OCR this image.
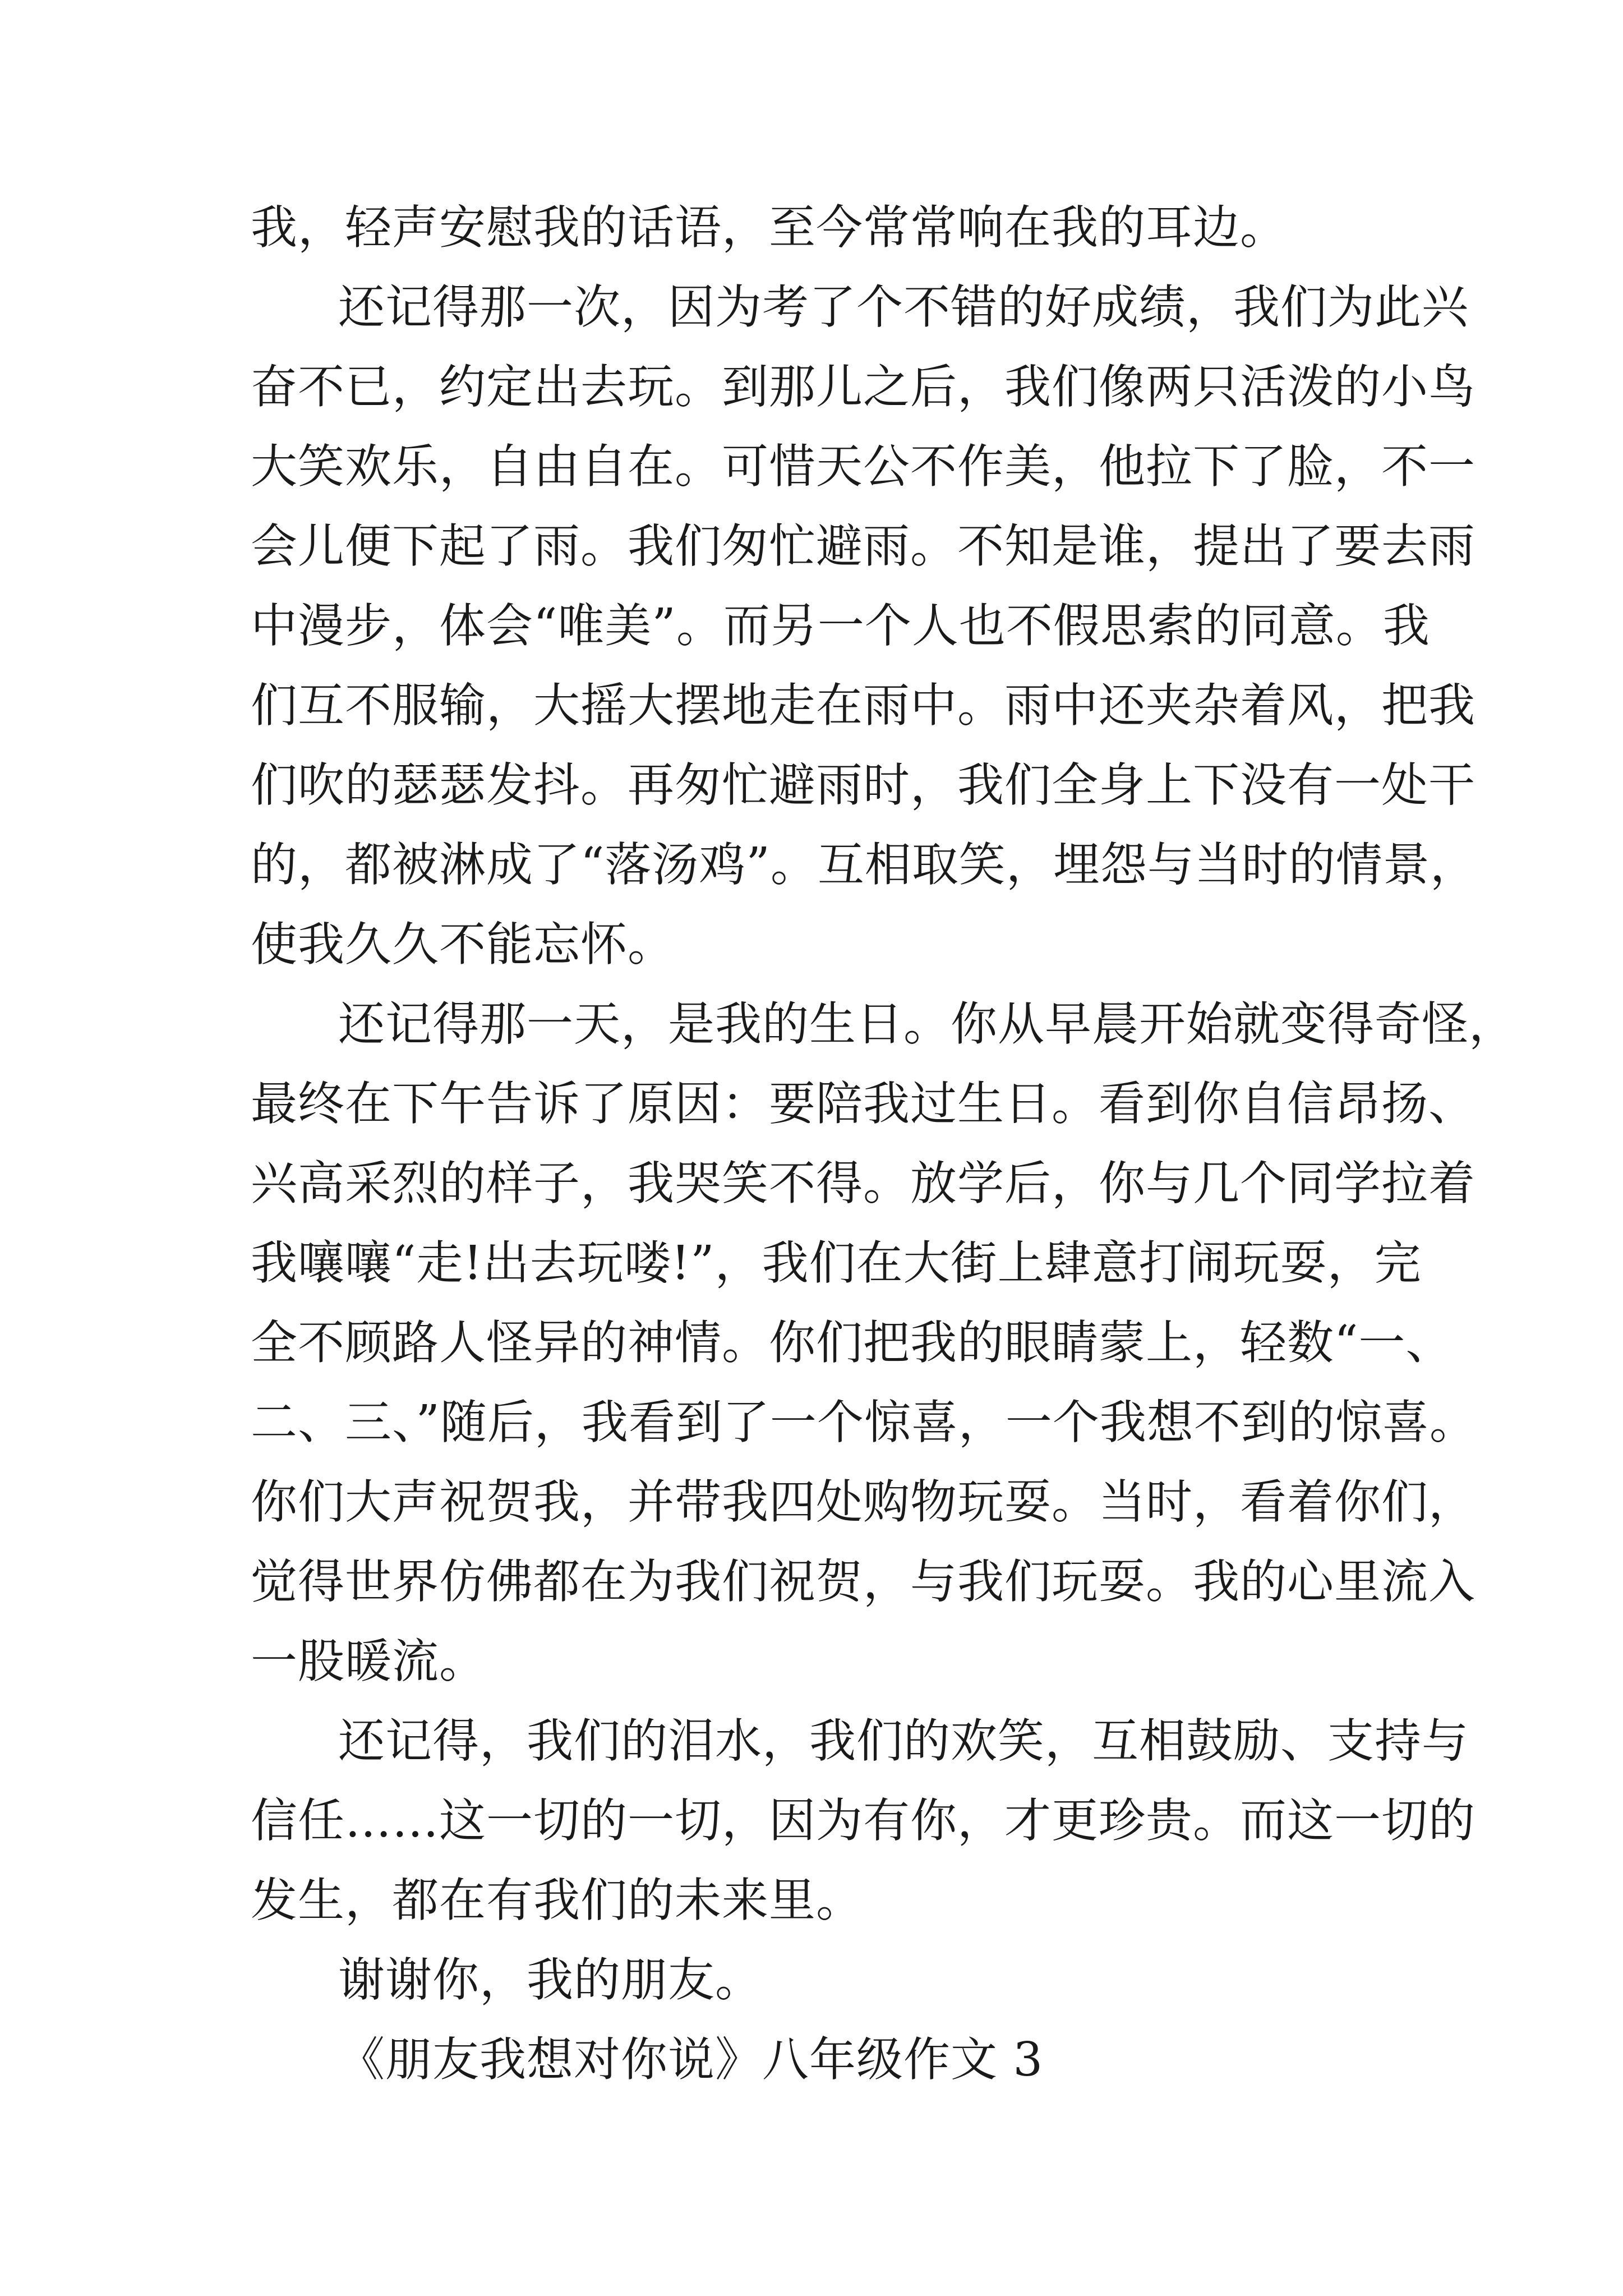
我，轻声安慰我的话语，至今常常响在我的耳边。
还记得那一次，因为考了个不错的好成绩，我们为此兴
奋不已，约定出去玩。到那儿之后，我们像两只活泼的小鸟
大笑欢乐，自由自在。可惜天公不作美，他拉下了脸，不一
会儿便下起了雨。我们匆忙避雨。不知是谁，提出了要去雨
中漫步，体会“唯美”。而另一个人也不假思索的同意。我
们互不服输，大摇大摆地走在雨中。雨中还夹杂着风，把我
们吹的瑟瑟发抖。再匆忙避雨时，我们全身上下没有一处干
的，都被淋成了“落汤鸡”。互相取笑，埋怨与当时的情景，
使我久久不能忘怀。
还记得那一天，是我的生日。你从早晨开始就变得奇怪，
最终在下午告诉了原因：要陪我过生日。看到你自信昂扬、
兴高采烈的样子，我哭笑不得。放学后，你与几个同学拉着
我嚷嚷“走!出去玩喽!”，我们在大街上肆意打闹玩耍，完
全不顾路人怪异的神情。你们把我的眼睛蒙上，轻数“一、
二、三、”随后，我看到了一个惊喜，一个我想不到的惊喜。
你们大声祝贺我，并带我四处购物玩耍。当时，看着你们，
觉得世界仿佛都在为我们祝贺，与我们玩耍。我的心里流入
一股暖流。
还记得，我们的泪水，我们的欢笑，互相鼓励、支持与
信任……这一切的一切，因为有你，才更珍贵。而这一切的
发生，都在有我们的未来里。
谢谢你，我的朋友。
《朋友我想对你说》八年级作文 3
